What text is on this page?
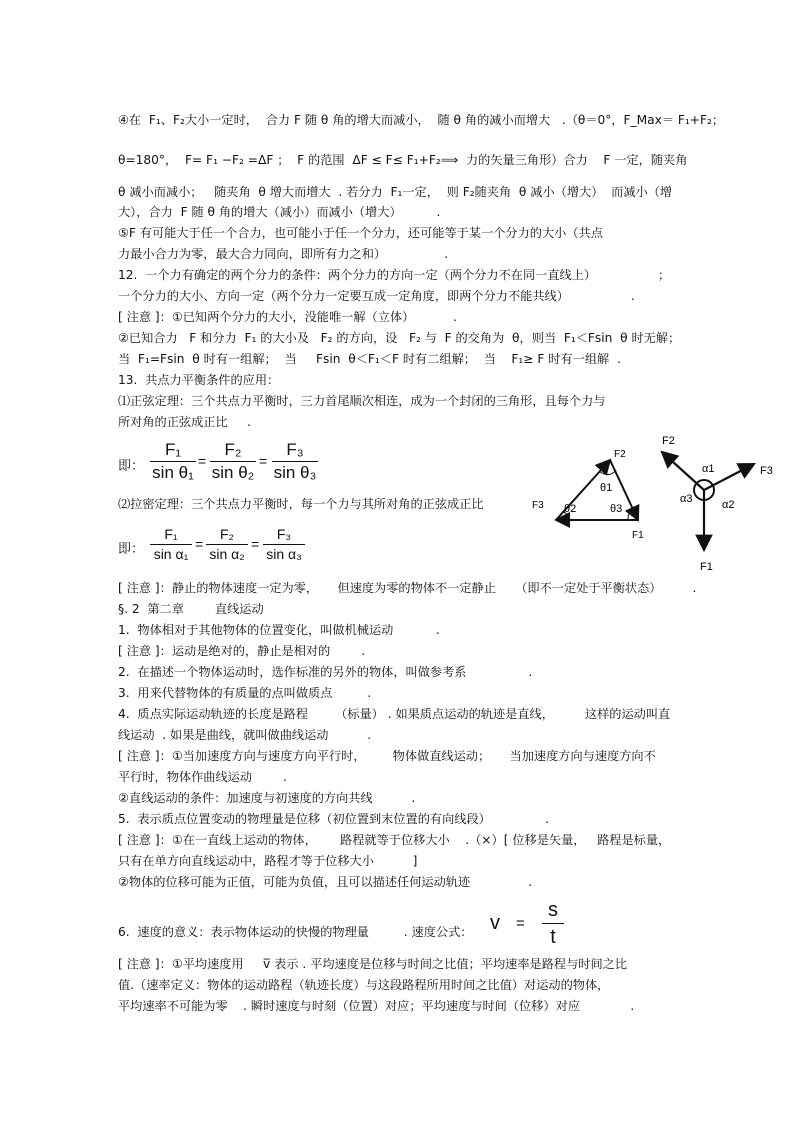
④在  F₁、F₂大小一定时，  合力 F 随 θ 角的增大而减小，  随 θ 角的减小而增大   .（θ＝0°，F_Max＝ F₁+F₂；
θ=180°，  F= F₁ −F₂ =ΔF ；  F 的范围  ΔF ≤ F≤ F₁+F₂⟹  力的矢量三角形）合力    F 一定，随夹角
θ 减小而减小；   随夹角  θ 增大而增大  . 若分力  F₁一定，  则 F₂随夹角  θ 减小（增大）  而减小（增
大），合力  F 随 θ 角的增大（减小）而减小（增大）         .
⑤F 有可能大于任一个合力，也可能小于任一个分力，还可能等于某一个分力的大小（共点
力最小合力为零，最大合力同向，即所有力之和）               .
12.  一个力有确定的两个分力的条件：两个分力的方向一定（两个分力不在同一直线上）                ；
一个分力的大小、方向一定（两个分力一定要互成一定角度，即两个分力不能共线）                .
[ 注意 ]：①已知两个分力的大小，没能唯一解（立体）          .
②已知合力   F 和分力  F₁ 的大小及   F₂ 的方向，设   F₂ 与  F 的交角为  θ，则当  F₁＜Fsin  θ 时无解；
当  F₁=Fsin  θ 时有一组解；  当     Fsin  θ＜F₁＜F 时有二组解；  当    F₁≥ F 时有一组解  .
13.  共点力平衡条件的应用：
⑴正弦定理：三个共点力平衡时，三力首尾顺次相连，成为一个封闭的三角形，且每个力与
所对角的正弦成正比     .
即：
F₁
sin θ₁
=
F₂
sin θ₂
=
F₃
sin θ₃
⑵拉密定理：三个共点力平衡时，每一个力与其所对角的正弦成正比
即：
F₁
sin α₁
=
F₂
sin α₂
=
F₃
sin α₃
F2
θ1
F3 θ2	θ3
F1
F2
F3
α1
α3	α2
F1
[ 注意 ]：静止的物体速度一定为零，     但速度为零的物体不一定静止     （即不一定处于平衡状态）        .
§. 2  第二章        直线运动
1.  物体相对于其他物体的位置变化，叫做机械运动           .
[ 注意 ]：运动是绝对的，静止是相对的        .
2.  在描述一个物体运动时，选作标准的另外的物体，叫做参考系                .
3.  用来代替物体的有质量的点叫做质点         .
4.  质点实际运动轨迹的长度是路程       （标量） . 如果质点运动的轨迹是直线，        这样的运动叫直
线运动  . 如果是曲线，就叫做曲线运动          .
[ 注意 ]：①当加速度方向与速度方向平行时，       物体做直线运动；     当加速度方向与速度方向不
平行时，物体作曲线运动        .
②直线运动的条件：加速度与初速度的方向共线          .
5.  表示质点位置变动的物理量是位移（初位置到末位置的有向线段）              .
[ 注意 ]：①在一直线上运动的物体，      路程就等于位移大小    .（×）[ 位移是矢量，   路程是标量，
只有在单方向直线运动中，路程才等于位移大小          ]
②物体的位移可能为正值，可能为负值，且可以描述任何运动轨迹               .
6.  速度的意义：表示物体运动的快慢的物理量         . 速度公式： v =
s
t
[ 注意 ]：①平均速度用     v̅ 表示 . 平均速度是位移与时间之比值；平均速率是路程与时间之比
值.（速率定义：物体的运动路程（轨迹长度）与这段路程所用时间之比值）对运动的物体，
平均速率不可能为零    . 瞬时速度与时刻（位置）对应；平均速度与时间（位移）对应             .
